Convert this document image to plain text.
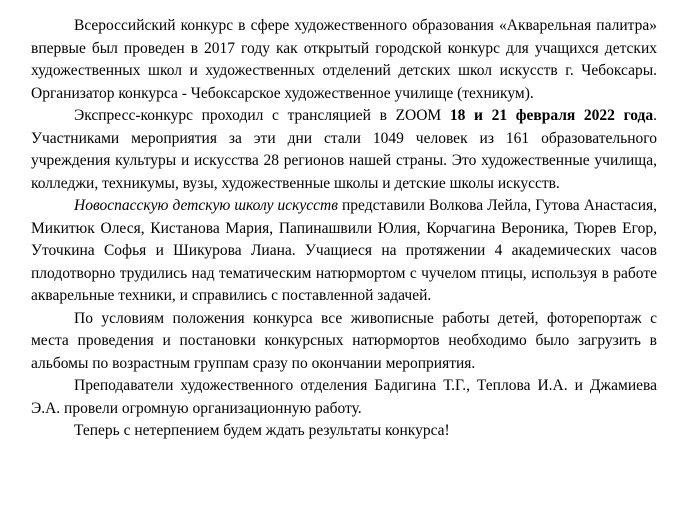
Всероссийский конкурс в сфере художественного образования «Акварельная палитра» впервые был проведен в 2017 году как открытый городской конкурс для учащихся детских художественных школ и художественных отделений детских школ искусств г. Чебоксары. Организатор конкурса - Чебоксарское художественное училище (техникум).

Экспресс-конкурс проходил с трансляцией в ZOOM 18 и 21 февраля 2022 года. Участниками мероприятия за эти дни стали 1049 человек из 161 образовательного учреждения культуры и искусства 28 регионов нашей страны. Это художественные училища, колледжи, техникумы, вузы, художественные школы и детские школы искусств.

Новоспасскую детскую школу искусств представили Волкова Лейла, Гутова Анастасия, Микитюк Олеся, Кистанова Мария, Папинашвили Юлия, Корчагина Вероника, Тюрев Егор, Уточкина Софья и Шикурова Лиана. Учащиеся на протяжении 4 академических часов плодотворно трудились над тематическим натюрмортом с чучелом птицы, используя в работе акварельные техники, и справились с поставленной задачей.

По условиям положения конкурса все живописные работы детей, фоторепортаж с места проведения и постановки конкурсных натюрмортов необходимо было загрузить в альбомы по возрастным группам сразу по окончании мероприятия.

Преподаватели художественного отделения Бадигина Т.Г., Теплова И.А. и Джамиева Э.А. провели огромную организационную работу.

Теперь с нетерпением будем ждать результаты конкурса!
